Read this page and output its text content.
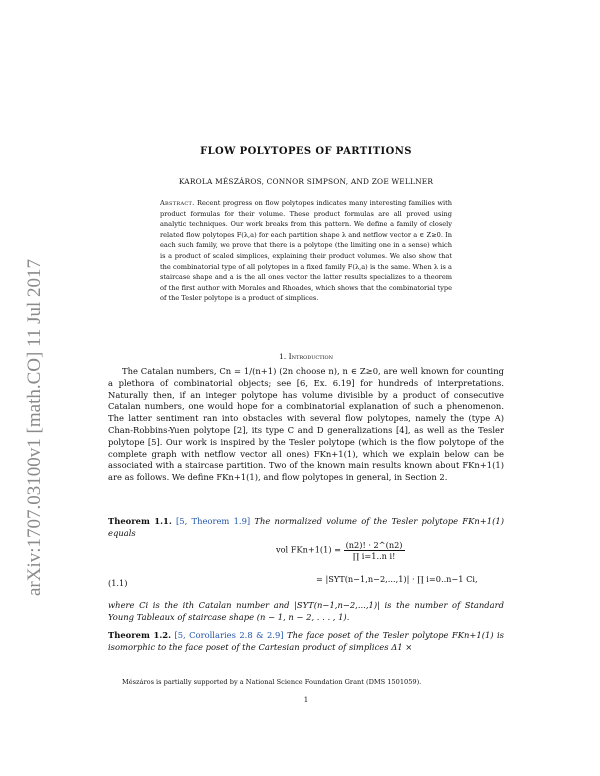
arXiv:1707.03100v1 [math.CO] 11 Jul 2017
FLOW POLYTOPES OF PARTITIONS
KAROLA MÉSZÁROS, CONNOR SIMPSON, AND ZOE WELLNER
Abstract. Recent progress on flow polytopes indicates many interesting families with product formulas for their volume. These product formulas are all proved using analytic techniques. Our work breaks from this pattern. We define a family of closely related flow polytopes F(λ,a) for each partition shape λ and netflow vector a ∈ Z≥0. In each such family, we prove that there is a polytope (the limiting one in a sense) which is a product of scaled simplices, explaining their product volumes. We also show that the combinatorial type of all polytopes in a fixed family F(λ,a) is the same. When λ is a staircase shape and a is the all ones vector the latter results specializes to a theorem of the first author with Morales and Rhoades, which shows that the combinatorial type of the Tesler polytope is a product of simplices.
1. Introduction

The Catalan numbers, Cn = 1/(n+1) (2n choose n), n ∈ Z≥0, are well known for counting a plethora of combinatorial objects; see [6, Ex. 6.19] for hundreds of interpretations. Naturally then, if an integer polytope has volume divisible by a product of consecutive Catalan numbers, one would hope for a combinatorial explanation of such a phenomenon. The latter sentiment ran into obstacles with several flow polytopes, namely the (type A) Chan-Robbins-Yuen polytope [2], its type C and D generalizations [4], as well as the Tesler polytope [5]. Our work is inspired by the Tesler polytope (which is the flow polytope of the complete graph with netflow vector all ones) FKn+1(1), which we explain below can be associated with a staircase partition. Two of the known main results known about FKn+1(1) are as follows. We define FKn+1(1), and flow polytopes in general, in Section 2.

Theorem 1.1. [5, Theorem 1.9] The normalized volume of the Tesler polytope FKn+1(1) equals
(1.1)
vol $FKn+1(1) = \frac{(n2)! \cdot 2\^{}(n2)}{\text{∏ i=1..n i!}}$
= |SYT(n−1,n−2,...,1)| · ∏ i=0..n−1 Ci,
where Ci is the ith Catalan number and |SYT(n−1,n−2,...,1)| is the number of Standard Young Tableaux of staircase shape (n − 1, n − 2, . . . , 1).
Theorem 1.2. [5, Corollaries 2.8 & 2.9] The face poset of the Tesler polytope FKn+1(1) is isomorphic to the face poset of the Cartesian product of simplices Δ1 ×
Mészáros is partially supported by a National Science Foundation Grant (DMS 1501059).
1
